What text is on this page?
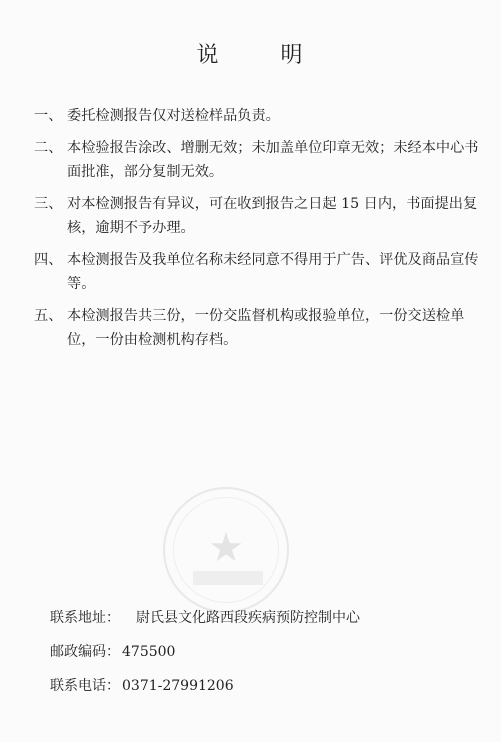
说	明
一、 委托检测报告仅对送检样品负责。
二、 本检验报告涂改、增删无效；未加盖单位印章无效；未经本中心书面批准，部分复制无效。
三、 对本检测报告有异议，可在收到报告之日起 15 日内，书面提出复核，逾期不予办理。
四、 本检测报告及我单位名称未经同意不得用于广告、评优及商品宣传等。
五、 本检测报告共三份，一份交监督机构或报验单位，一份交送检单位，一份由检测机构存档。
★
联系地址： 尉氏县文化路西段疾病预防控制中心
邮政编码： 475500
联系电话： 0371-27991206
